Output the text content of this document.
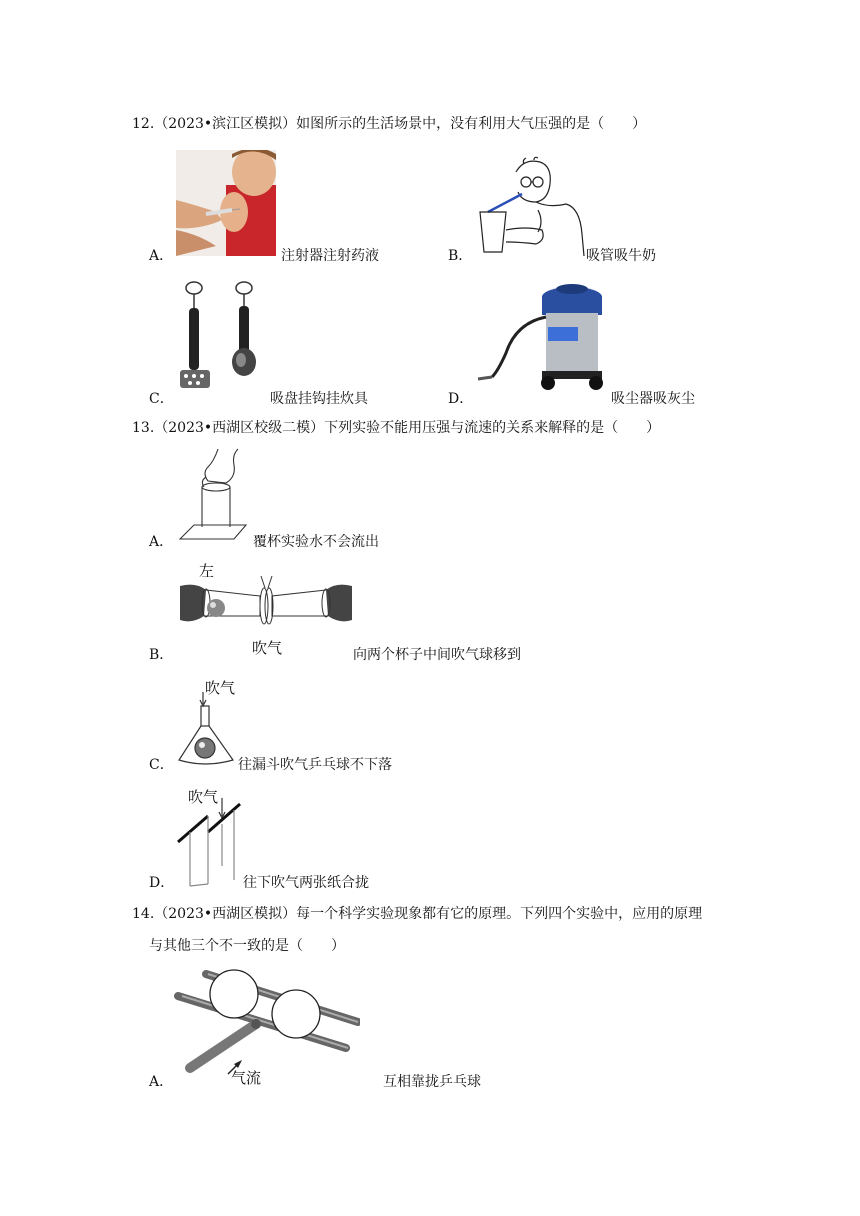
12.（2023•滨江区模拟）如图所示的生活场景中，没有利用大气压强的是（　　）
A．	注射器注射药液	B．	吸管吸牛奶
C．	吸盘挂钩挂炊具	D．	吸尘器吸灰尘
13.（2023•西湖区校级二模）下列实验不能用压强与流速的关系来解释的是（　　）
A．	覆杯实验水不会流出
左
吹气
B．	向两个杯子中间吹气球移到
吹气
C．	往漏斗吹气乒乓球不下落
吹气
D．	往下吹气两张纸合拢
14.（2023•西湖区模拟）每一个科学实验现象都有它的原理。下列四个实验中，应用的原理
与其他三个不一致的是（　　）
气流
A．	互相靠拢乒乓球
